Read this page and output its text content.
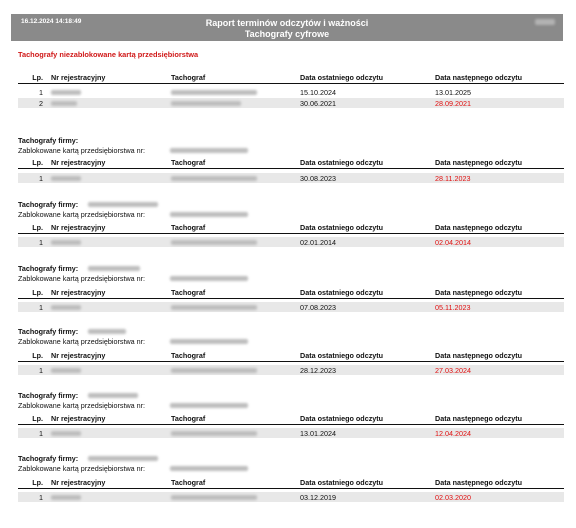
16.12.2024 14:18:49	Raport terminów odczytów i ważności
Tachografy cyfrowe
Tachografy niezablokowane kartą przedsiębiorstwa
Lp. Nr rejestracyjny	Tachograf	Data ostatniego odczytu	Data następnego odczytu
1	15.10.2024	13.01.2025
2	30.06.2021	28.09.2021
Tachografy firmy:
Zablokowane kartą przedsiębiorstwa nr:
Lp. Nr rejestracyjny	Tachograf	Data ostatniego odczytu	Data następnego odczytu
1	30.08.2023	28.11.2023
Tachografy firmy:
Zablokowane kartą przedsiębiorstwa nr:
Lp. Nr rejestracyjny	Tachograf	Data ostatniego odczytu	Data następnego odczytu
1	02.01.2014	02.04.2014
Tachografy firmy:
Zablokowane kartą przedsiębiorstwa nr:
Lp. Nr rejestracyjny	Tachograf	Data ostatniego odczytu	Data następnego odczytu
1	07.08.2023	05.11.2023
Tachografy firmy:
Zablokowane kartą przedsiębiorstwa nr:
Lp. Nr rejestracyjny	Tachograf	Data ostatniego odczytu	Data następnego odczytu
1	28.12.2023	27.03.2024
Tachografy firmy:
Zablokowane kartą przedsiębiorstwa nr:
Lp. Nr rejestracyjny	Tachograf	Data ostatniego odczytu	Data następnego odczytu
1	13.01.2024	12.04.2024
Tachografy firmy:
Zablokowane kartą przedsiębiorstwa nr:
Lp. Nr rejestracyjny	Tachograf	Data ostatniego odczytu	Data następnego odczytu
1	03.12.2019	02.03.2020
